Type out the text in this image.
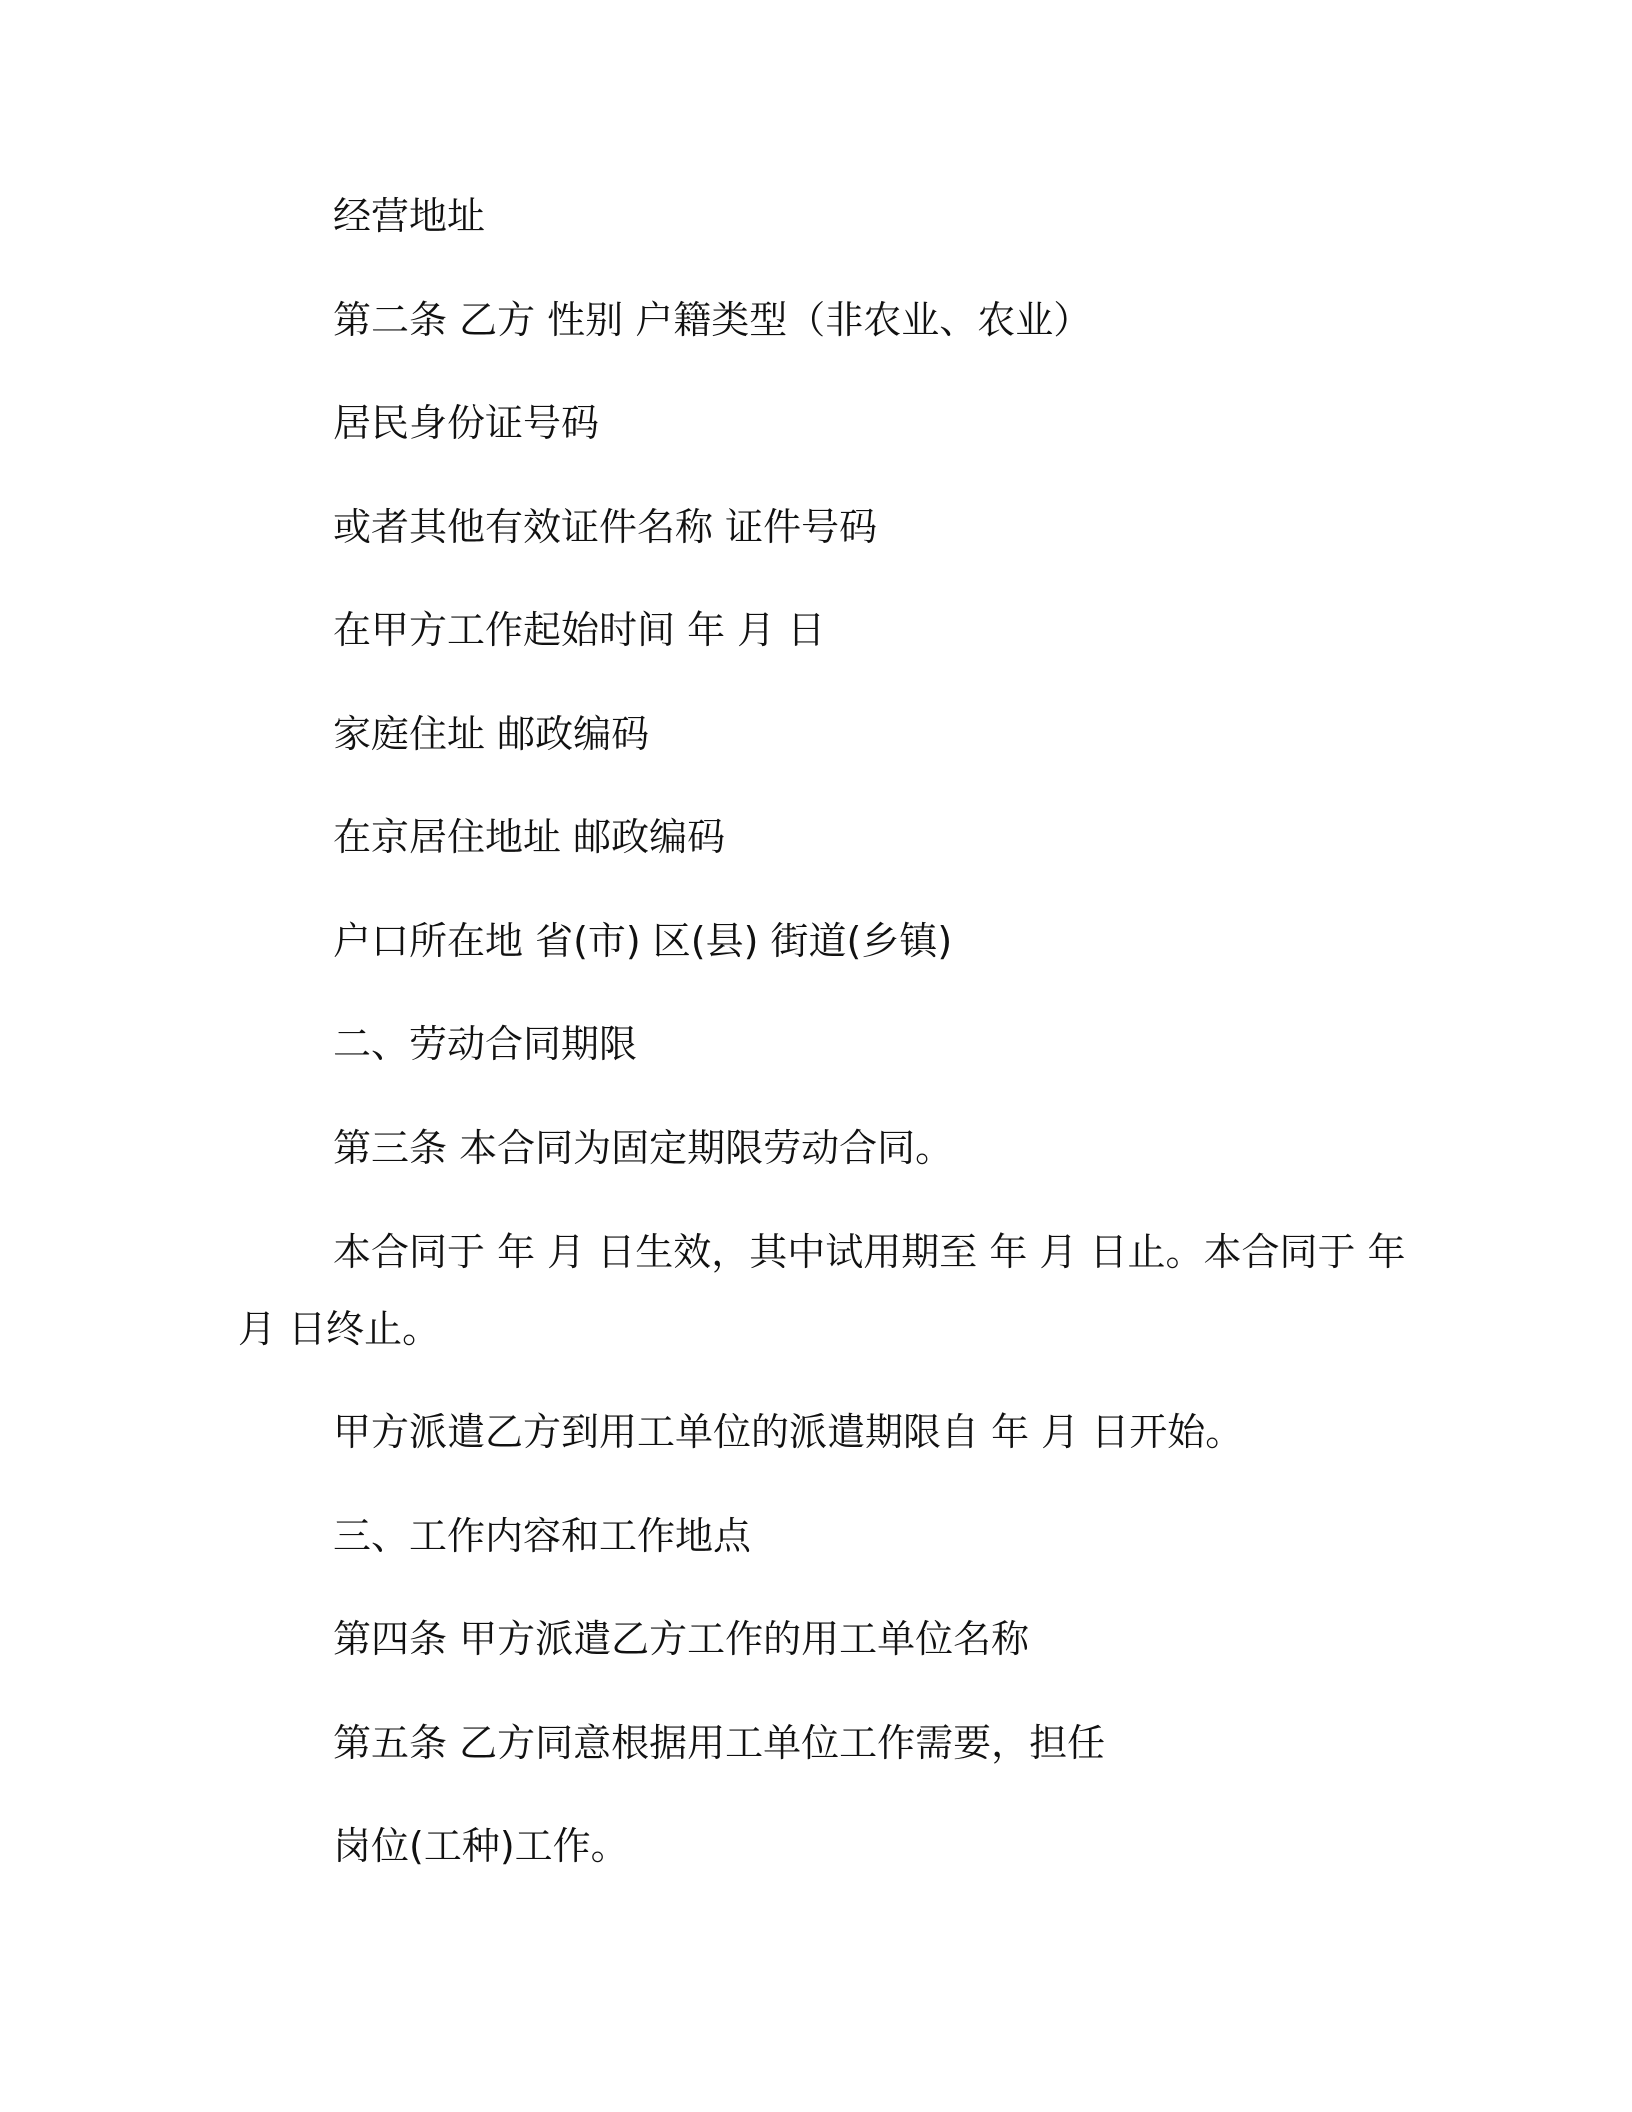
经营地址
第二条 乙方 性别 户籍类型（非农业、农业）
居民身份证号码
或者其他有效证件名称 证件号码
在甲方工作起始时间 年 月 日
家庭住址 邮政编码
在京居住地址 邮政编码
户口所在地 省(市) 区(县) 街道(乡镇)
二、劳动合同期限
第三条 本合同为固定期限劳动合同。
本合同于 年 月 日生效，其中试用期至 年 月 日止。本合同于 年
月 日终止。
甲方派遣乙方到用工单位的派遣期限自 年 月 日开始。
三、工作内容和工作地点
第四条 甲方派遣乙方工作的用工单位名称
第五条 乙方同意根据用工单位工作需要，担任
岗位(工种)工作。
